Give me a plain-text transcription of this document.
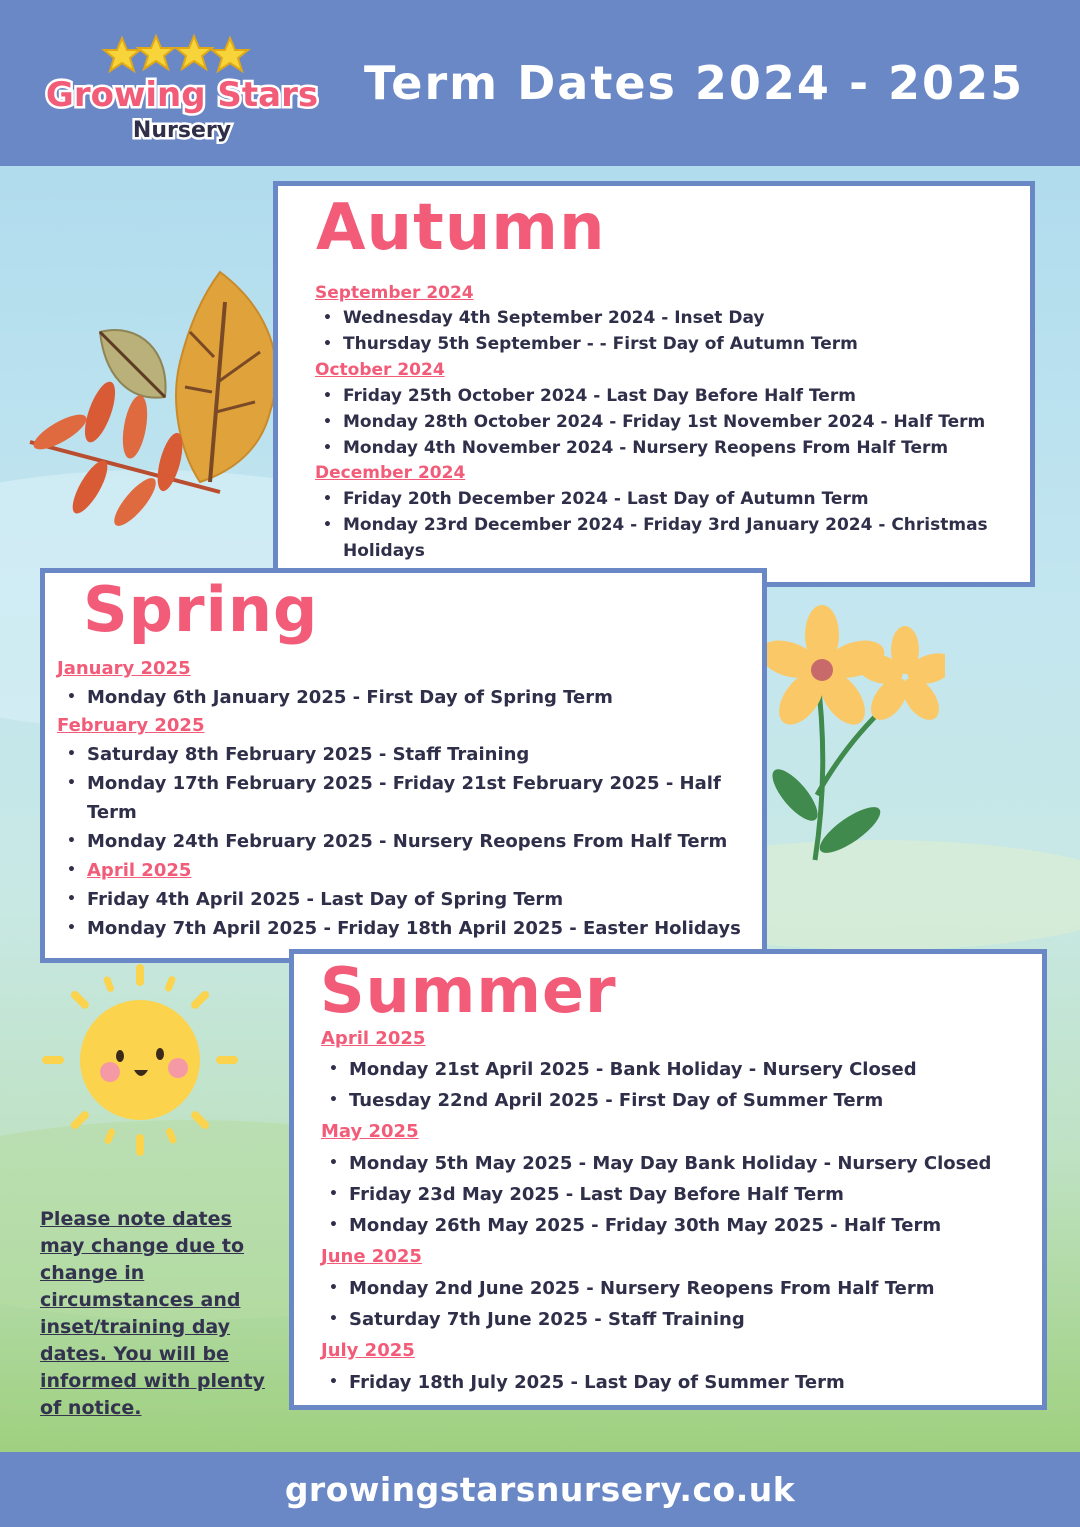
Growing Stars
Nursery
Term Dates 2024 - 2025
Autumn
September 2024
• Wednesday 4th September 2024 - Inset Day
• Thursday 5th September - - First Day of Autumn Term
October 2024
• Friday 25th October 2024 - Last Day Before Half Term
• Monday 28th October 2024 - Friday 1st November 2024 - Half Term
• Monday 4th November 2024 - Nursery Reopens From Half Term
December 2024
• Friday 20th December 2024 - Last Day of Autumn Term
• Monday 23rd December 2024 - Friday 3rd January 2024 - Christmas
Holidays
Spring
January 2025
• Monday 6th January 2025 - First Day of Spring Term
February 2025
• Saturday 8th February 2025 - Staff Training
• Monday 17th February 2025 - Friday 21st February 2025 - Half
Term
• Monday 24th February 2025 - Nursery Reopens From Half Term
• April 2025
• Friday 4th April 2025 - Last Day of Spring Term
• Monday 7th April 2025 - Friday 18th April 2025 - Easter Holidays
Please note dates may change due to change in circumstances and inset/training day dates. You will be informed with plenty of notice.
Summer
April 2025
• Monday 21st April 2025 - Bank Holiday - Nursery Closed
• Tuesday 22nd April 2025 - First Day of Summer Term
May 2025
• Monday 5th May 2025 - May Day Bank Holiday - Nursery Closed
• Friday 23d May 2025 - Last Day Before Half Term
• Monday 26th May 2025 - Friday 30th May 2025 - Half Term
June 2025
• Monday 2nd June 2025 - Nursery Reopens From Half Term
• Saturday 7th June 2025 - Staff Training
July 2025
• Friday 18th July 2025 - Last Day of Summer Term
growingstarsnursery.co.uk
